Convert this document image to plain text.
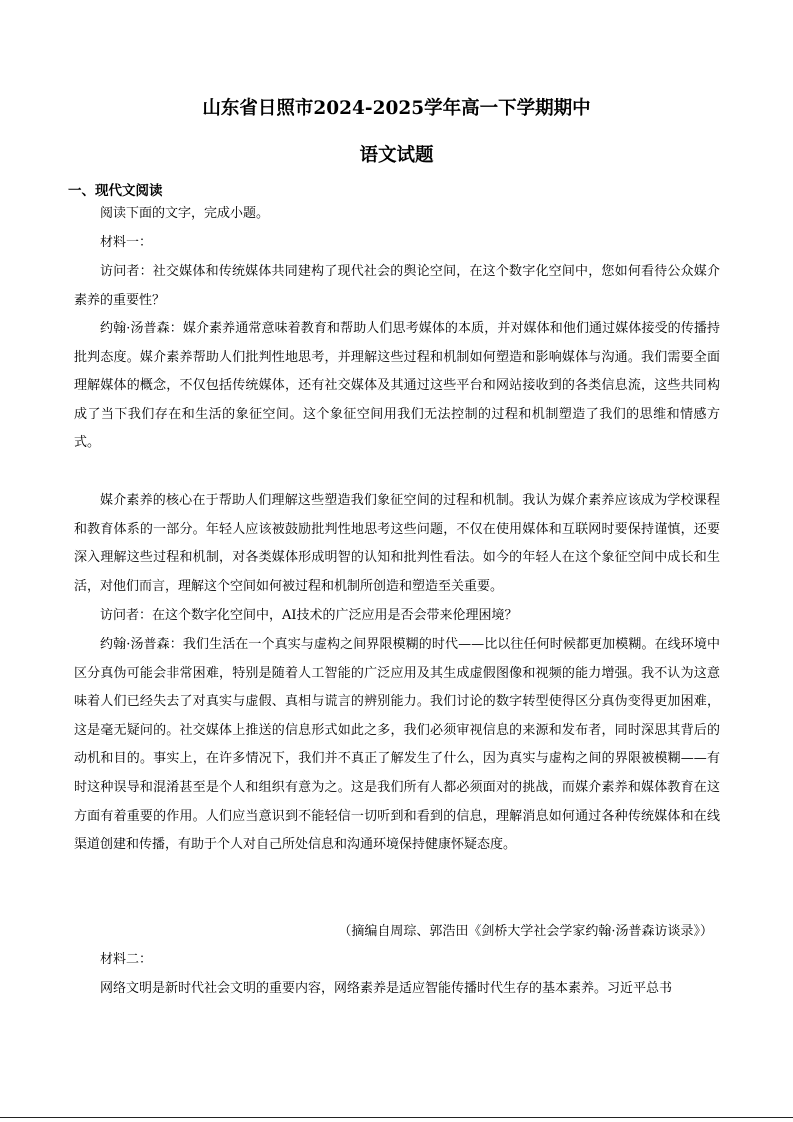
山东省日照市2024-2025学年高一下学期期中
语文试题
一、现代文阅读

阅读下面的文字，完成小题。

材料一：

访问者：社交媒体和传统媒体共同建构了现代社会的舆论空间，在这个数字化空间中，您如何看待公众媒介素养的重要性？

约翰·汤普森：媒介素养通常意味着教育和帮助人们思考媒体的本质，并对媒体和他们通过媒体接受的传播持批判态度。媒介素养帮助人们批判性地思考，并理解这些过程和机制如何塑造和影响媒体与沟通。我们需要全面理解媒体的概念，不仅包括传统媒体，还有社交媒体及其通过这些平台和网站接收到的各类信息流，这些共同构成了当下我们存在和生活的象征空间。这个象征空间用我们无法控制的过程和机制塑造了我们的思维和情感方式。

媒介素养的核心在于帮助人们理解这些塑造我们象征空间的过程和机制。我认为媒介素养应该成为学校课程和教育体系的一部分。年轻人应该被鼓励批判性地思考这些问题，不仅在使用媒体和互联网时要保持谨慎，还要深入理解这些过程和机制，对各类媒体形成明智的认知和批判性看法。如今的年轻人在这个象征空间中成长和生活，对他们而言，理解这个空间如何被过程和机制所创造和塑造至关重要。

访问者：在这个数字化空间中，AI技术的广泛应用是否会带来伦理困境？

约翰·汤普森：我们生活在一个真实与虚构之间界限模糊的时代——比以往任何时候都更加模糊。在线环境中区分真伪可能会非常困难，特别是随着人工智能的广泛应用及其生成虚假图像和视频的能力增强。我不认为这意味着人们已经失去了对真实与虚假、真相与谎言的辨别能力。我们讨论的数字转型使得区分真伪变得更加困难，这是毫无疑问的。社交媒体上推送的信息形式如此之多，我们必须审视信息的来源和发布者，同时深思其背后的动机和目的。事实上，在许多情况下，我们并不真正了解发生了什么，因为真实与虚构之间的界限被模糊——有时这种误导和混淆甚至是个人和组织有意为之。这是我们所有人都必须面对的挑战，而媒介素养和媒体教育在这方面有着重要的作用。人们应当意识到不能轻信一切听到和看到的信息，理解消息如何通过各种传统媒体和在线渠道创建和传播，有助于个人对自己所处信息和沟通环境保持健康怀疑态度。

（摘编自周琮、郭浩田《剑桥大学社会学家约翰·汤普森访谈录》）

材料二：

网络文明是新时代社会文明的重要内容，网络素养是适应智能传播时代生存的基本素养。习近平总书
